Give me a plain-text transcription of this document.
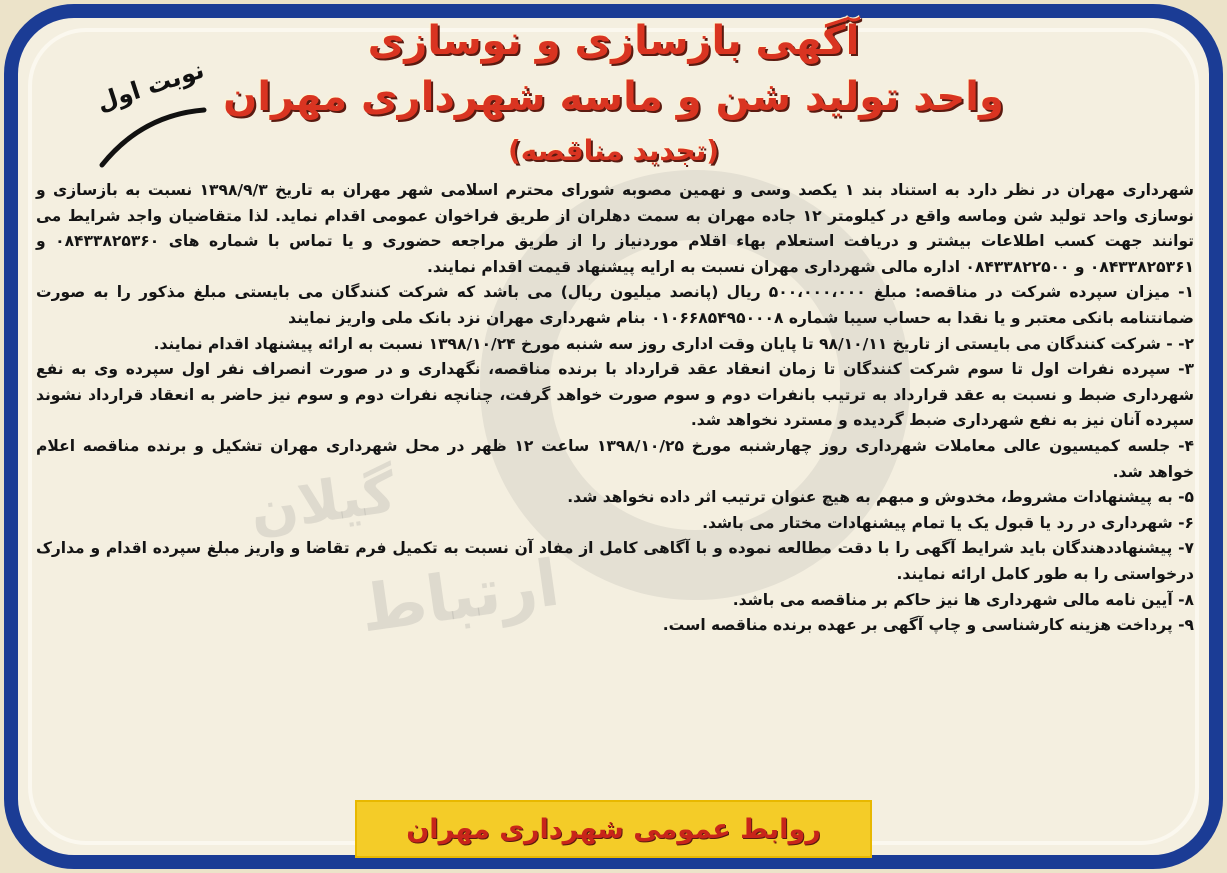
آگهی بازسازی و نوسازی
واحد تولید شن و ماسه شهرداری مهران
(تجدید مناقصه)
نوبت اول

شهرداری مهران در نظر دارد به استناد بند ۱ یکصد وسی و نهمین مصوبه شورای محترم اسلامی شهر مهران به تاریخ ۱۳۹۸/۹/۳ نسبت به بازسازی و نوسازی واحد تولید شن وماسه واقع در کیلومتر ۱۲ جاده مهران به سمت دهلران از طریق فراخوان عمومی اقدام نماید. لذا متقاضیان واجد شرایط می توانند جهت کسب اطلاعات بیشتر و دریافت استعلام بهاء اقلام موردنیاز را از طریق مراجعه حضوری و یا تماس با شماره های ۰۸۴۳۳۸۲۵۳۶۰ و ۰۸۴۳۳۸۲۵۳۶۱ و ۰۸۴۳۳۸۲۲۵۰۰ اداره مالی شهرداری مهران نسبت به ارایه پیشنهاد قیمت اقدام نمایند.

۱- میزان سپرده شرکت در مناقصه: مبلغ ۵۰۰،۰۰۰،۰۰۰ ریال (پانصد میلیون ریال) می باشد که شرکت کنندگان می بایستی مبلغ مذکور را به صورت ضمانتنامه بانکی معتبر و یا نقدا به حساب سیبا شماره ۰۱۰۶۶۸۵۴۹۵۰۰۰۸ بنام شهرداری مهران نزد بانک ملی واریز نمایند

۲- - شرکت کنندگان می بایستی از تاریخ ۹۸/۱۰/۱۱ تا پایان وقت اداری روز سه شنبه مورخ ۱۳۹۸/۱۰/۲۴ نسبت به ارائه پیشنهاد اقدام نمایند.

۳- سپرده نفرات اول تا سوم شرکت کنندگان تا زمان انعقاد عقد قرارداد با برنده مناقصه، نگهداری و در صورت انصراف نفر اول سپرده وی به نفع شهرداری ضبط و نسبت به عقد قرارداد به ترتیب بانفرات دوم و سوم صورت خواهد گرفت، چنانچه نفرات دوم و سوم نیز حاضر به انعقاد قرارداد نشوند سپرده آنان نیز به نفع شهرداری ضبط گردیده و مسترد نخواهد شد.

۴- جلسه کمیسیون عالی معاملات شهرداری روز چهارشنبه مورخ ۱۳۹۸/۱۰/۲۵ ساعت ۱۲ ظهر در محل شهرداری مهران تشکیل و برنده مناقصه اعلام خواهد شد.

۵- به پیشنهادات مشروط، مخدوش و مبهم به هیچ عنوان ترتیب اثر داده نخواهد شد.

۶- شهرداری در رد یا قبول یک یا تمام پیشنهادات مختار می باشد.

۷- پیشنهاددهندگان باید شرایط آگهی را با دقت مطالعه نموده و با آگاهی کامل از مفاد آن نسبت به تکمیل فرم تقاضا و واریز مبلغ سپرده اقدام و مدارک درخواستی را به طور کامل ارائه نمایند.

۸- آیین نامه مالی شهرداری ها نیز حاکم بر مناقصه می باشد.

۹- پرداخت هزینه کارشناسی و چاپ آگهی بر عهده برنده مناقصه است.

روابط عمومی شهرداری مهران
